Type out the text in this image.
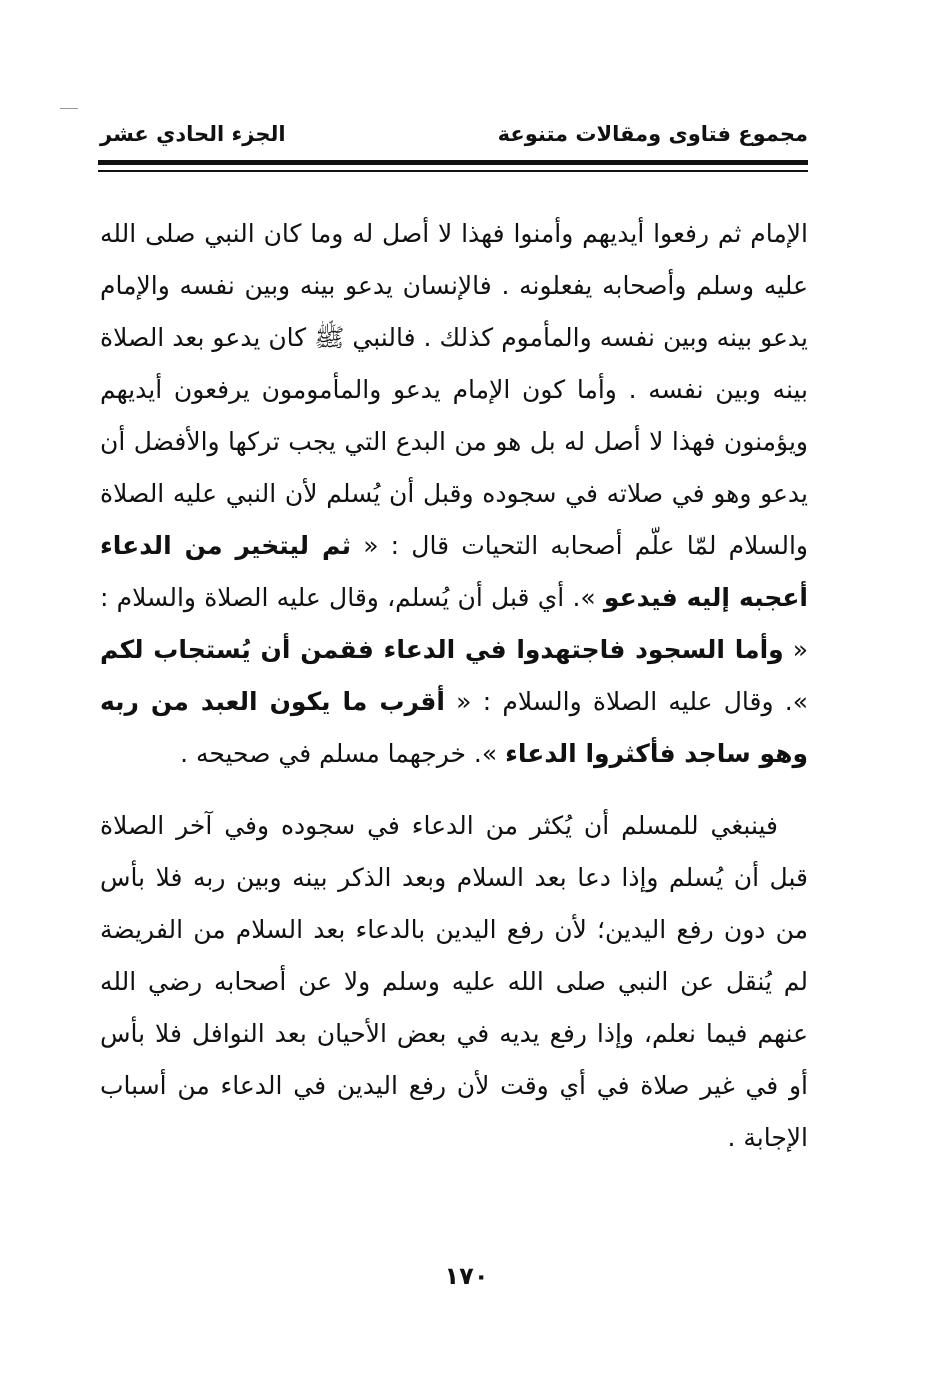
مجموع فتاوى ومقالات متنوعة
الجزء الحادي عشر

الإمام ثم رفعوا أيديهم وأمنوا فهذا لا أصل له وما كان النبي صلى الله عليه وسلم وأصحابه يفعلونه . فالإنسان يدعو بينه وبين نفسه والإمام يدعو بينه وبين نفسه والمأموم كذلك . فالنبي ﷺ كان يدعو بعد الصلاة بينه وبين نفسه . وأما كون الإمام يدعو والمأمومون يرفعون أيديهم ويؤمنون فهذا لا أصل له بل هو من البدع التي يجب تركها والأفضل أن يدعو وهو في صلاته في سجوده وقبل أن يُسلم لأن النبي عليه الصلاة والسلام لمّا علّم أصحابه التحيات قال : « ثم ليتخير من الدعاء أعجبه إليه فيدعو ». أي قبل أن يُسلم، وقال عليه الصلاة والسلام : « وأما السجود فاجتهدوا في الدعاء فقمن أن يُستجاب لكم ». وقال عليه الصلاة والسلام : « أقرب ما يكون العبد من ربه وهو ساجد فأكثروا الدعاء ». خرجهما مسلم في صحيحه .

فينبغي للمسلم أن يُكثر من الدعاء في سجوده وفي آخر الصلاة قبل أن يُسلم وإذا دعا بعد السلام وبعد الذكر بينه وبين ربه فلا بأس من دون رفع اليدين؛ لأن رفع اليدين بالدعاء بعد السلام من الفريضة لم يُنقل عن النبي صلى الله عليه وسلم ولا عن أصحابه رضي الله عنهم فيما نعلم، وإذا رفع يديه في بعض الأحيان بعد النوافل فلا بأس أو في غير صلاة في أي وقت لأن رفع اليدين في الدعاء من أسباب الإجابة .

١٧٠
